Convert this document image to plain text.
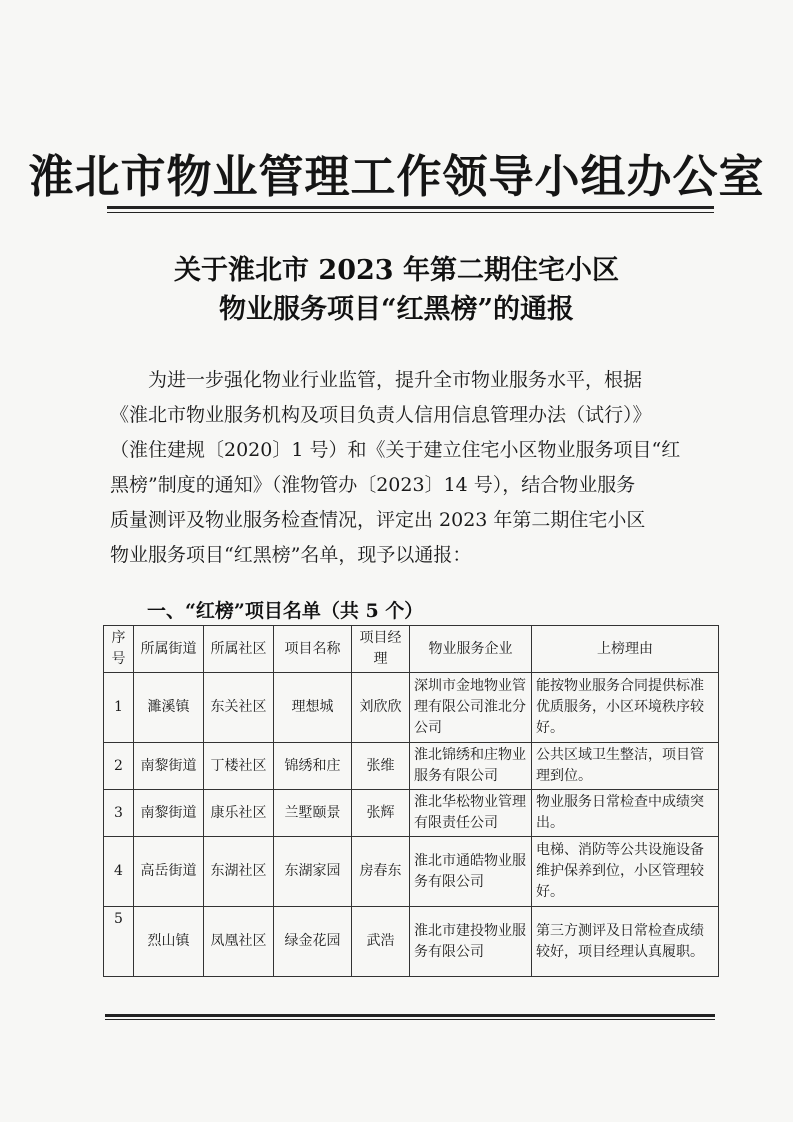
淮北市物业管理工作领导小组办公室
关于淮北市 2023 年第二期住宅小区
物业服务项目“红黑榜”的通报
为进一步强化物业行业监管，提升全市物业服务水平，根据
《淮北市物业服务机构及项目负责人信用信息管理办法（试行）》
（淮住建规〔2020〕1 号）和《关于建立住宅小区物业服务项目“红
黑榜”制度的通知》（淮物管办〔2023〕14 号），结合物业服务
质量测评及物业服务检查情况，评定出 2023 年第二期住宅小区
物业服务项目“红黑榜”名单，现予以通报：
一、“红榜”项目名单（共 5 个）
序号	所属街道	所属社区	项目名称	项目经理	物业服务企业	上榜理由
1	濉溪镇	东关社区	理想城	刘欣欣	深圳市金地物业管理有限公司淮北分公司	能按物业服务合同提供标准优质服务，小区环境秩序较好。
2	南黎街道	丁楼社区	锦绣和庄	张维	淮北锦绣和庄物业服务有限公司	公共区域卫生整洁，项目管理到位。
3	南黎街道	康乐社区	兰墅颐景	张辉	淮北华松物业管理有限责任公司	物业服务日常检查中成绩突出。
4	高岳街道	东湖社区	东湖家园	房春东	淮北市通皓物业服务有限公司	电梯、消防等公共设施设备维护保养到位，小区管理较好。
5	烈山镇	凤凰社区	绿金花园	武浩	淮北市建投物业服务有限公司	第三方测评及日常检查成绩较好，项目经理认真履职。
